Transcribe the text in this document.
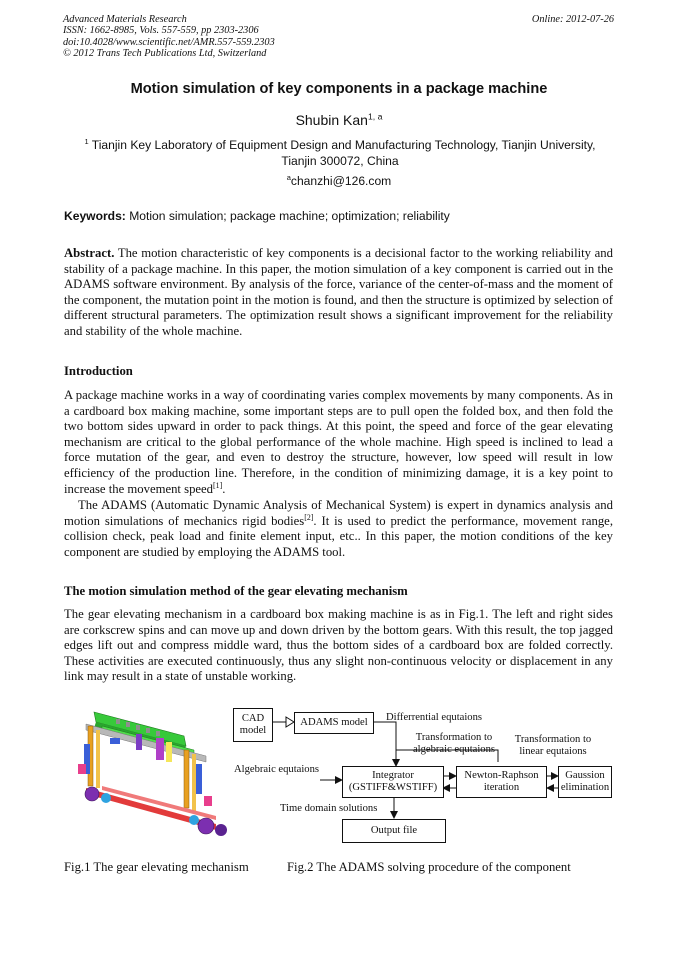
Advanced Materials Research
ISSN: 1662-8985, Vols. 557-559, pp 2303-2306
doi:10.4028/www.scientific.net/AMR.557-559.2303
© 2012 Trans Tech Publications Ltd, Switzerland
Online: 2012-07-26
Motion simulation of key components in a package machine
Shubin Kan$^{1, a}$
$^1$ Tianjin Key Laboratory of Equipment Design and Manufacturing Technology, Tianjin University, Tianjin 300072, China
$^a$chanzhi@126.com
Keywords: Motion simulation; package machine; optimization; reliability

Abstract. The motion characteristic of key components is a decisional factor to the working reliability and stability of a package machine. In this paper, the motion simulation of a key component is carried out in the ADAMS software environment. By analysis of the force, variance of the center-of-mass and the moment of the component, the mutation point in the motion is found, and then the structure is optimized by selection of different structural parameters. The optimization result shows a significant improvement for the reliability and stability of the whole machine.

Introduction

A package machine works in a way of coordinating varies complex movements by many components. As in a cardboard box making machine, some important steps are to pull open the folded box, and then fold the two bottom sides upward in order to pack things. At this point, the speed and force of the gear elevating mechanism are critical to the global performance of the whole machine. High speed is inclined to lead a force mutation of the gear, and even to destroy the structure, however, low speed will result in low efficiency of the production line. Therefore, in the condition of minimizing damage, it is a key point to increase the movement speed[1].

The ADAMS (Automatic Dynamic Analysis of Mechanical System) is expert in dynamics analysis and motion simulations of mechanics rigid bodies[2]. It is used to predict the performance, movement range, collision check, peak load and finite element input, etc.. In this paper, the motion conditions of the key component are studied by employing the ADAMS tool.

The motion simulation method of the gear elevating mechanism

The gear elevating mechanism in a cardboard box making machine is as in Fig.1. The left and right sides are corkscrew spins and can move up and down driven by the bottom gears. With this result, the top jagged edges lift out and compress middle ward, thus the bottom sides of a cardboard box are folded correctly. These activities are executed continuously, thus any slight non-continuous velocity or displacement in any link may result in a state of unstable working.

CAD model
ADAMS model	Differrential equtaions
Transformation to algebraic equtaions
Transformation to linear equtaions
Algebraic equtaions
Integrator (GSTIFF&WSTIFF)
Newton-Raphson iteration
Gaussion elimination
Time domain solutions
Output file
Fig.1 The gear elevating mechanism	Fig.2 The ADAMS solving procedure of the component
